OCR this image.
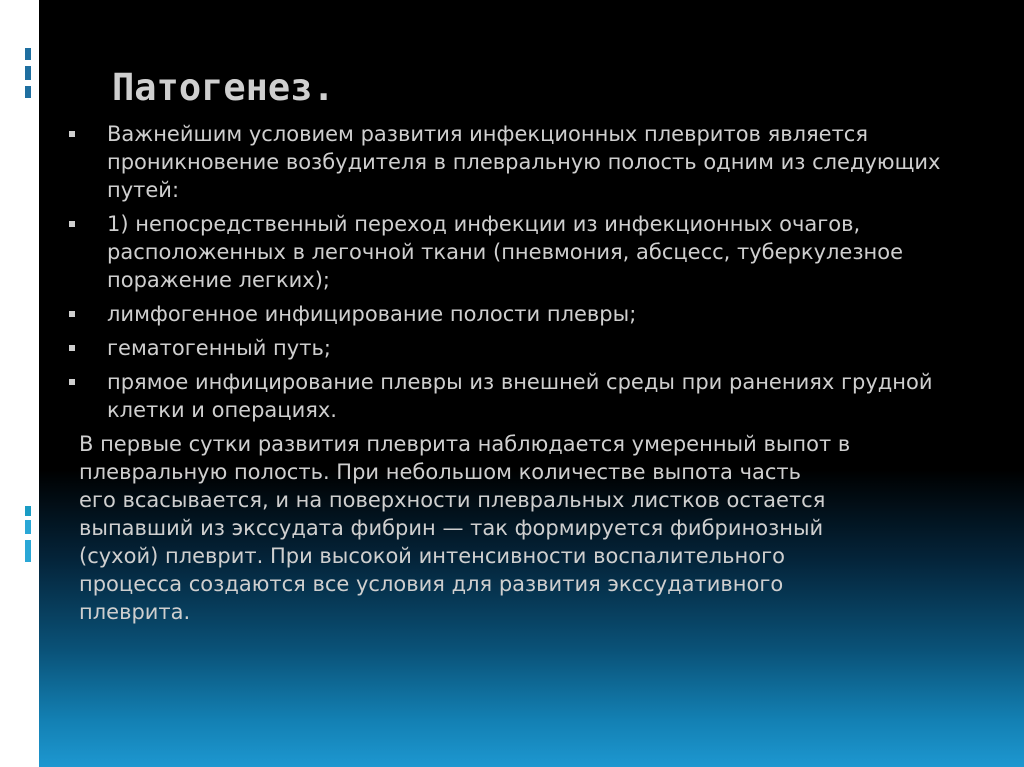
Патогенез.
Важнейшим условием развития инфекционных плевритов является проникновение возбудителя в плевральную полость одним из следующих путей:
1) непосредственный переход инфекции из инфекционных очагов, расположенных в легочной ткани (пневмония, абсцесс, туберкулезное поражение легких);
лимфогенное инфицирование полости плевры;
гематогенный путь;
прямое инфицирование плевры из внешней среды при ранениях грудной клетки и операциях.

В первые сутки развития плеврита наблюдается умеренный выпот в
плевральную полость. При небольшом количестве выпота часть
его всасывается, и на поверхности плевральных листков остается
выпавший из экссудата фибрин — так формируется фибринозный
(сухой) плеврит. При высокой интенсивности воспалительного
процесса создаются все условия для развития экссудативного
плеврита.
